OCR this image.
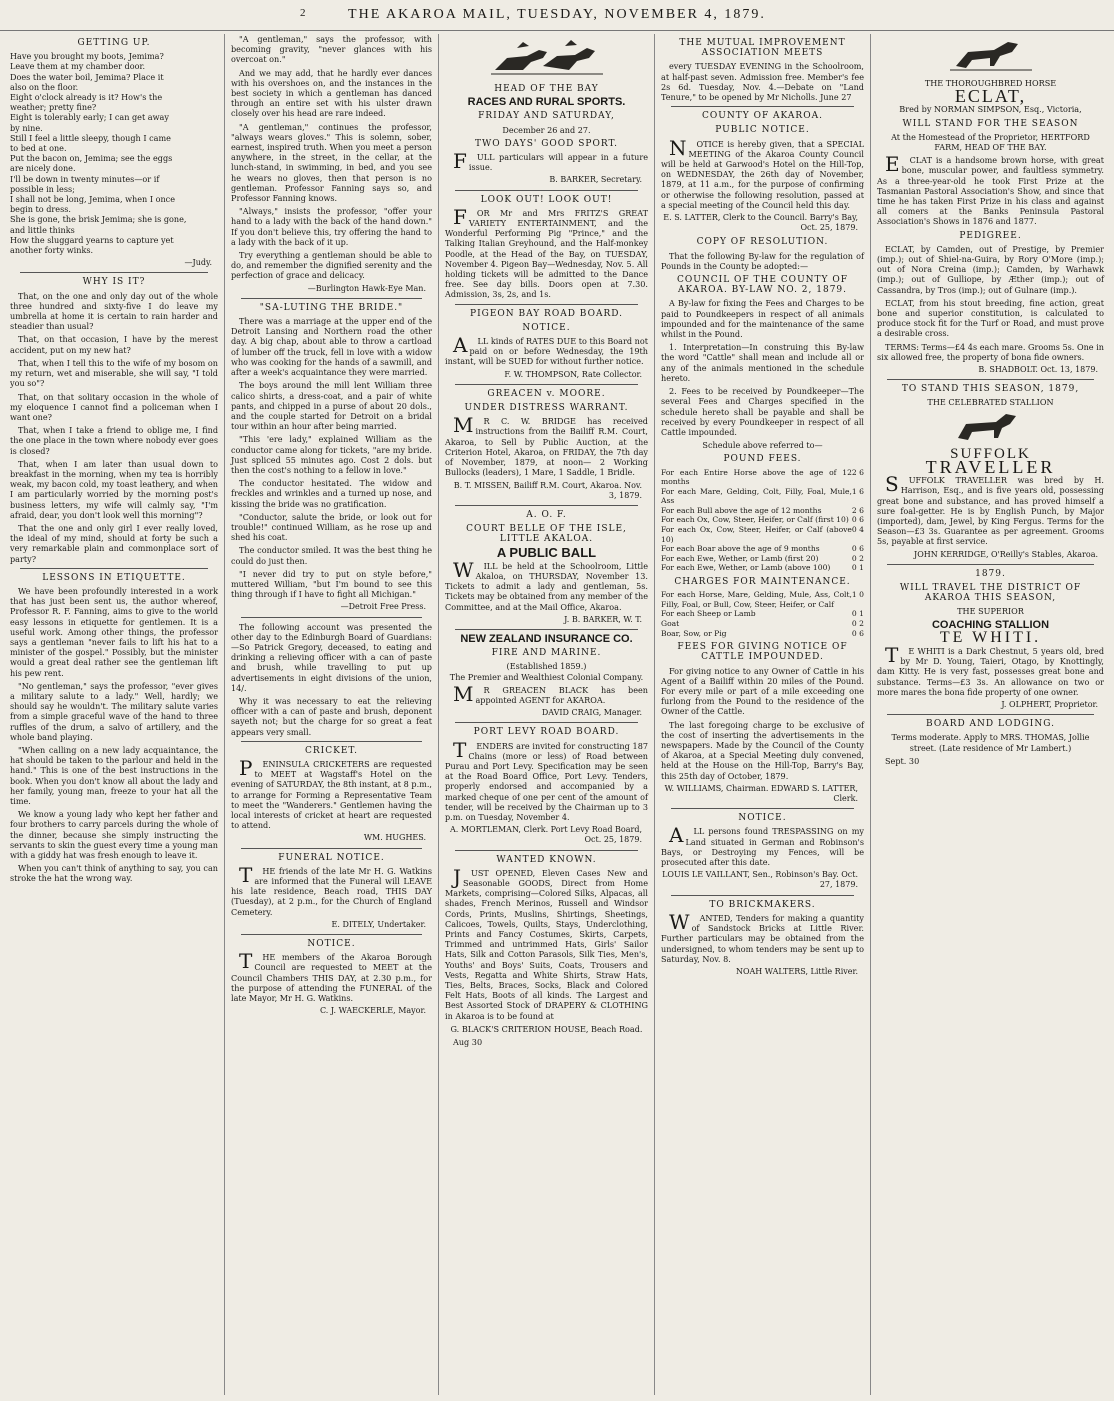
2	THE AKAROA MAIL, TUESDAY, NOVEMBER 4, 1879.
GETTING UP.

Have you brought my boots, Jemima?
Leave them at my chamber door.
Does the water boil, Jemima? Place it
also on the floor.
Eight o'clock already is it? How's the
weather; pretty fine?
Eight is tolerably early; I can get away
by nine.
Still I feel a little sleepy, though I came
to bed at one.
Put the bacon on, Jemima; see the eggs
are nicely done.
I'll be down in twenty minutes—or if
possible in less;
I shall not be long, Jemima, when I once
begin to dress.
She is gone, the brisk Jemima; she is gone,
and little thinks
How the sluggard yearns to capture yet
another forty winks.

—Judy.

WHY IS IT?

That, on the one and only day out of the whole three hundred and sixty-five I do leave my umbrella at home it is certain to rain harder and steadier than usual?

That, on that occasion, I have by the merest accident, put on my new hat?

That, when I tell this to the wife of my bosom on my return, wet and miserable, she will say, "I told you so"?

That, on that solitary occasion in the whole of my eloquence I cannot find a policeman when I want one?

That, when I take a friend to oblige me, I find the one place in the town where nobody ever goes is closed?

That, when I am later than usual down to breakfast in the morning, when my tea is horribly weak, my bacon cold, my toast leathery, and when I am particularly worried by the morning post's business letters, my wife will calmly say, "I'm afraid, dear, you don't look well this morning"?

That the one and only girl I ever really loved, the ideal of my mind, should at forty be such a very remarkable plain and commonplace sort of party?

LESSONS IN ETIQUETTE.

We have been profoundly interested in a work that has just been sent us, the author whereof, Professor R. F. Fanning, aims to give to the world easy lessons in etiquette for gentlemen. It is a useful work. Among other things, the professor says a gentleman "never fails to lift his hat to a minister of the gospel." Possibly, but the minister would a great deal rather see the gentleman lift his pew rent.

"No gentleman," says the professor, "ever gives a military salute to a lady." Well, hardly; we should say he wouldn't. The military salute varies from a simple graceful wave of the hand to three ruffles of the drum, a salvo of artillery, and the whole band playing.

"When calling on a new lady acquaintance, the hat should be taken to the parlour and held in the hand." This is one of the best instructions in the book. When you don't know all about the lady and her family, young man, freeze to your hat all the time.

We know a young lady who kept her father and four brothers to carry parcels during the whole of the dinner, because she simply instructing the servants to skin the guest every time a young man with a giddy hat was fresh enough to leave it.

When you can't think of anything to say, you can stroke the hat the wrong way.

"A gentleman," says the professor, with becoming gravity, "never glances with his overcoat on."

And we may add, that he hardly ever dances with his overshoes on, and the instances in the best society in which a gentleman has danced through an entire set with his ulster drawn closely over his head are rare indeed.

"A gentleman," continues the professor, "always wears gloves." This is solemn, sober, earnest, inspired truth. When you meet a person anywhere, in the street, in the cellar, at the lunch-stand, in swimming, in bed, and you see he wears no gloves, then that person is no gentleman. Professor Fanning says so, and Professor Fanning knows.

"Always," insists the professor, "offer your hand to a lady with the back of the hand down." If you don't believe this, try offering the hand to a lady with the back of it up.

Try everything a gentleman should be able to do, and remember the dignified serenity and the perfection of grace and delicacy.

—Burlington Hawk-Eye Man.

"SA-LUTING THE BRIDE."

There was a marriage at the upper end of the Detroit Lansing and Northern road the other day. A big chap, about able to throw a cartload of lumber off the truck, fell in love with a widow who was cooking for the hands of a sawmill, and after a week's acquaintance they were married.

The boys around the mill lent William three calico shirts, a dress-coat, and a pair of white pants, and chipped in a purse of about 20 dols., and the couple started for Detroit on a bridal tour within an hour after being married.

"This 'ere lady," explained William as the conductor came along for tickets, "are my bride. Just spliced 55 minutes ago. Cost 2 dols. but then the cost's nothing to a fellow in love."

The conductor hesitated. The widow and freckles and wrinkles and a turned up nose, and kissing the bride was no gratification.

"Conductor, salute the bride, or look out for trouble!" continued William, as he rose up and shed his coat.

The conductor smiled. It was the best thing he could do just then.

"I never did try to put on style before," muttered William, "but I'm bound to see this thing through if I have to fight all Michigan."

—Detroit Free Press.

The following account was presented the other day to the Edinburgh Board of Guardians:—So Patrick Gregory, deceased, to eating and drinking a relieving officer with a can of paste and brush, while travelling to put up advertisements in eight divisions of the union, 14/.

Why it was necessary to eat the relieving officer with a can of paste and brush, deponent sayeth not; but the charge for so great a feat appears very small.

CRICKET.

PENINSULA CRICKETERS are requested to MEET at Wagstaff's Hotel on the evening of SATURDAY, the 8th instant, at 8 p.m., to arrange for Forming a Representative Team to meet the "Wanderers." Gentlemen having the local interests of cricket at heart are requested to attend.

WM. HUGHES.

FUNERAL NOTICE.

THE friends of the late Mr H. G. Watkins are informed that the Funeral will LEAVE his late residence, Beach road, THIS DAY (Tuesday), at 2 p.m., for the Church of England Cemetery.

E. DITELY, Undertaker.

NOTICE.

THE members of the Akaroa Borough Council are requested to MEET at the Council Chambers THIS DAY, at 2.30 p.m., for the purpose of attending the FUNERAL of the late Mayor, Mr H. G. Watkins.

C. J. WAECKERLE, Mayor.

HEAD OF THE BAY
RACES AND RURAL SPORTS.
FRIDAY AND SATURDAY,
December 26 and 27.
TWO DAYS' GOOD SPORT.

FULL particulars will appear in a future issue.

B. BARKER, Secretary.

LOOK OUT! LOOK OUT!

FOR Mr and Mrs FRITZ'S GREAT VARIETY ENTERTAINMENT, and the Wonderful Performing Pig "Prince," and the Talking Italian Greyhound, and the Half-monkey Poodle, at the Head of the Bay, on TUESDAY, November 4. Pigeon Bay—Wednesday, Nov. 5. All holding tickets will be admitted to the Dance free. See day bills. Doors open at 7.30. Admission, 3s, 2s, and 1s.

PIGEON BAY ROAD BOARD.
NOTICE.

ALL kinds of RATES DUE to this Board not paid on or before Wednesday, the 19th instant, will be SUED for without further notice.

F. W. THOMPSON, Rate Collector.

GREACEN v. MOORE.
UNDER DISTRESS WARRANT.

MR C. W. BRIDGE has received instructions from the Bailiff R.M. Court, Akaroa, to Sell by Public Auction, at the Criterion Hotel, Akaroa, on FRIDAY, the 7th day of November, 1879, at noon— 2 Working Bullocks (leaders), 1 Mare, 1 Saddle, 1 Bridle.

B. T. MISSEN, Bailiff R.M. Court, Akaroa. Nov. 3, 1879.

A. O. F.
COURT BELLE OF THE ISLE, LITTLE AKALOA.
A PUBLIC BALL

WILL be held at the Schoolroom, Little Akaloa, on THURSDAY, November 13. Tickets to admit a lady and gentleman, 5s. Tickets may be obtained from any member of the Committee, and at the Mail Office, Akaroa.

J. B. BARKER, W. T.

NEW ZEALAND INSURANCE CO.
FIRE AND MARINE.
(Established 1859.)

The Premier and Wealthiest Colonial Company.

MR GREACEN BLACK has been appointed AGENT for AKAROA.

DAVID CRAIG, Manager.

PORT LEVY ROAD BOARD.

TENDERS are invited for constructing 187 Chains (more or less) of Road between Purau and Port Levy. Specification may be seen at the Road Board Office, Port Levy. Tenders, properly endorsed and accompanied by a marked cheque of one per cent of the amount of tender, will be received by the Chairman up to 3 p.m. on Tuesday, November 4.

A. MORTLEMAN, Clerk. Port Levy Road Board, Oct. 25, 1879.

WANTED KNOWN.

JUST OPENED, Eleven Cases New and Seasonable GOODS, Direct from Home Markets, comprising—Colored Silks, Alpacas, all shades, French Merinos, Russell and Windsor Cords, Prints, Muslins, Shirtings, Sheetings, Calicoes, Towels, Quilts, Stays, Underclothing, Prints and Fancy Costumes, Skirts, Carpets, Trimmed and untrimmed Hats, Girls' Sailor Hats, Silk and Cotton Parasols, Silk Ties, Men's, Youths' and Boys' Suits, Coats, Trousers and Vests, Regatta and White Shirts, Straw Hats, Ties, Belts, Braces, Socks, Black and Colored Felt Hats, Boots of all kinds. The Largest and Best Assorted Stock of DRAPERY & CLOTHING in Akaroa is to be found at

G. BLACK'S CRITERION HOUSE, Beach Road.

Aug 30

THE MUTUAL IMPROVEMENT ASSOCIATION MEETS

every TUESDAY EVENING in the Schoolroom, at half-past seven. Admission free. Member's fee 2s 6d. Tuesday, Nov. 4.—Debate on "Land Tenure," to be opened by Mr Nicholls. June 27

COUNTY OF AKAROA.
PUBLIC NOTICE.

NOTICE is hereby given, that a SPECIAL MEETING of the Akaroa County Council will be held at Garwood's Hotel on the Hill-Top, on WEDNESDAY, the 26th day of November, 1879, at 11 a.m., for the purpose of confirming or otherwise the following resolution, passed at a special meeting of the Council held this day.

E. S. LATTER, Clerk to the Council. Barry's Bay, Oct. 25, 1879.

COPY OF RESOLUTION.

That the following By-law for the regulation of Pounds in the County be adopted:—

COUNCIL OF THE COUNTY OF AKAROA. BY-LAW NO. 2, 1879.

A By-law for fixing the Fees and Charges to be paid to Poundkeepers in respect of all animals impounded and for the maintenance of the same whilst in the Pound.

1. Interpretation—In construing this By-law the word "Cattle" shall mean and include all or any of the animals mentioned in the schedule hereto.

2. Fees to be received by Poundkeeper—The several Fees and Charges specified in the schedule hereto shall be payable and shall be received by every Poundkeeper in respect of all Cattle impounded.

Schedule above referred to—

POUND FEES.
For each Entire Horse above the age of 12 months	2 6
For each Mare, Gelding, Colt, Filly, Foal, Mule, Ass	1 6
For each Bull above the age of 12 months	2 6
For each Ox, Cow, Steer, Heifer, or Calf (first 10)	0 6
For each Ox, Cow, Steer, Heifer, or Calf (above 10)	0 4
For each Boar above the age of 9 months	0 6
For each Ewe, Wether, or Lamb (first 20)	0 2
For each Ewe, Wether, or Lamb (above 100)	0 1
CHARGES FOR MAINTENANCE.
For each Horse, Mare, Gelding, Mule, Ass, Colt, Filly, Foal, or Bull, Cow, Steer, Heifer, or Calf	1 0
For each Sheep or Lamb	0 1
Goat	0 2
Boar, Sow, or Pig	0 6
FEES FOR GIVING NOTICE OF CATTLE IMPOUNDED.

For giving notice to any Owner of Cattle in his Agent of a Bailiff within 20 miles of the Pound. For every mile or part of a mile exceeding one furlong from the Pound to the residence of the Owner of the Cattle.

The last foregoing charge to be exclusive of the cost of inserting the advertisements in the newspapers. Made by the Council of the County of Akaroa, at a Special Meeting duly convened, held at the House on the Hill-Top, Barry's Bay, this 25th day of October, 1879.

W. WILLIAMS, Chairman. EDWARD S. LATTER, Clerk.

NOTICE.

ALL persons found TRESPASSING on my Land situated in German and Robinson's Bays, or Destroying my Fences, will be prosecuted after this date.

LOUIS LE VAILLANT, Sen., Robinson's Bay. Oct. 27, 1879.

TO BRICKMAKERS.

WANTED, Tenders for making a quantity of Sandstock Bricks at Little River. Further particulars may be obtained from the undersigned, to whom tenders may be sent up to Saturday, Nov. 8.

NOAH WALTERS, Little River.

THE THOROUGHBRED HORSE
ECLAT,

Bred by NORMAN SIMPSON, Esq., Victoria,

WILL STAND FOR THE SEASON

At the Homestead of the Proprietor, HERTFORD FARM, HEAD OF THE BAY.

ECLAT is a handsome brown horse, with great bone, muscular power, and faultless symmetry. As a three-year-old he took First Prize at the Tasmanian Pastoral Association's Show, and since that time he has taken First Prize in his class and against all comers at the Banks Peninsula Pastoral Association's Shows in 1876 and 1877.

PEDIGREE.

ECLAT, by Camden, out of Prestige, by Premier (imp.); out of Shiel-na-Guira, by Rory O'More (imp.); out of Nora Creina (imp.); Camden, by Warhawk (imp.); out of Gulliope, by Æther (imp.); out of Cassandra, by Tros (imp.); out of Gulnare (imp.).

ECLAT, from his stout breeding, fine action, great bone and superior constitution, is calculated to produce stock fit for the Turf or Road, and must prove a desirable cross.

TERMS: Terms—£4 4s each mare. Grooms 5s. One in six allowed free, the property of bona fide owners.

B. SHADBOLT. Oct. 13, 1879.

TO STAND THIS SEASON, 1879,
THE CELEBRATED STALLION
SUFFOLK
TRAVELLER

SUFFOLK TRAVELLER was bred by H. Harrison, Esq., and is five years old, possessing great bone and substance, and has proved himself a sure foal-getter. He is by English Punch, by Major (imported), dam, Jewel, by King Fergus. Terms for the Season—£3 3s. Guarantee as per agreement. Grooms 5s, payable at first service.

JOHN KERRIDGE, O'Reilly's Stables, Akaroa.

1879.
WILL TRAVEL THE DISTRICT OF AKAROA THIS SEASON,
THE SUPERIOR
COACHING STALLION
TE WHITI.

TE WHITI is a Dark Chestnut, 5 years old, bred by Mr D. Young, Taieri, Otago, by Knottingly, dam Kitty. He is very fast, possesses great bone and substance. Terms—£3 3s. An allowance on two or more mares the bona fide property of one owner.

J. OLPHERT, Proprietor.

BOARD AND LODGING.

Terms moderate. Apply to MRS. THOMAS, Jollie street. (Late residence of Mr Lambert.)

Sept. 30
